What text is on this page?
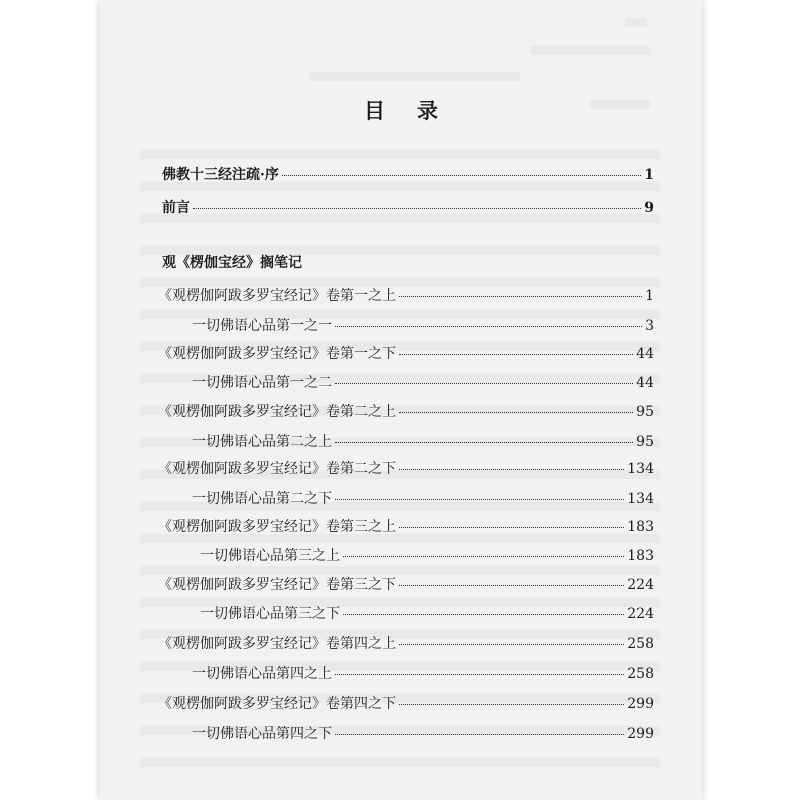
目录
佛教十三经注疏·序	1
前言	9
观《楞伽宝经》搁笔记
《观楞伽阿跋多罗宝经记》卷第一之上	1
一切佛语心品第一之一	3
《观楞伽阿跋多罗宝经记》卷第一之下	44
一切佛语心品第一之二	44
《观楞伽阿跋多罗宝经记》卷第二之上	95
一切佛语心品第二之上	95
《观楞伽阿跋多罗宝经记》卷第二之下	134
一切佛语心品第二之下	134
《观楞伽阿跋多罗宝经记》卷第三之上	183
一切佛语心品第三之上	183
《观楞伽阿跋多罗宝经记》卷第三之下	224
一切佛语心品第三之下	224
《观楞伽阿跋多罗宝经记》卷第四之上	258
一切佛语心品第四之上	258
《观楞伽阿跋多罗宝经记》卷第四之下	299
一切佛语心品第四之下	299
